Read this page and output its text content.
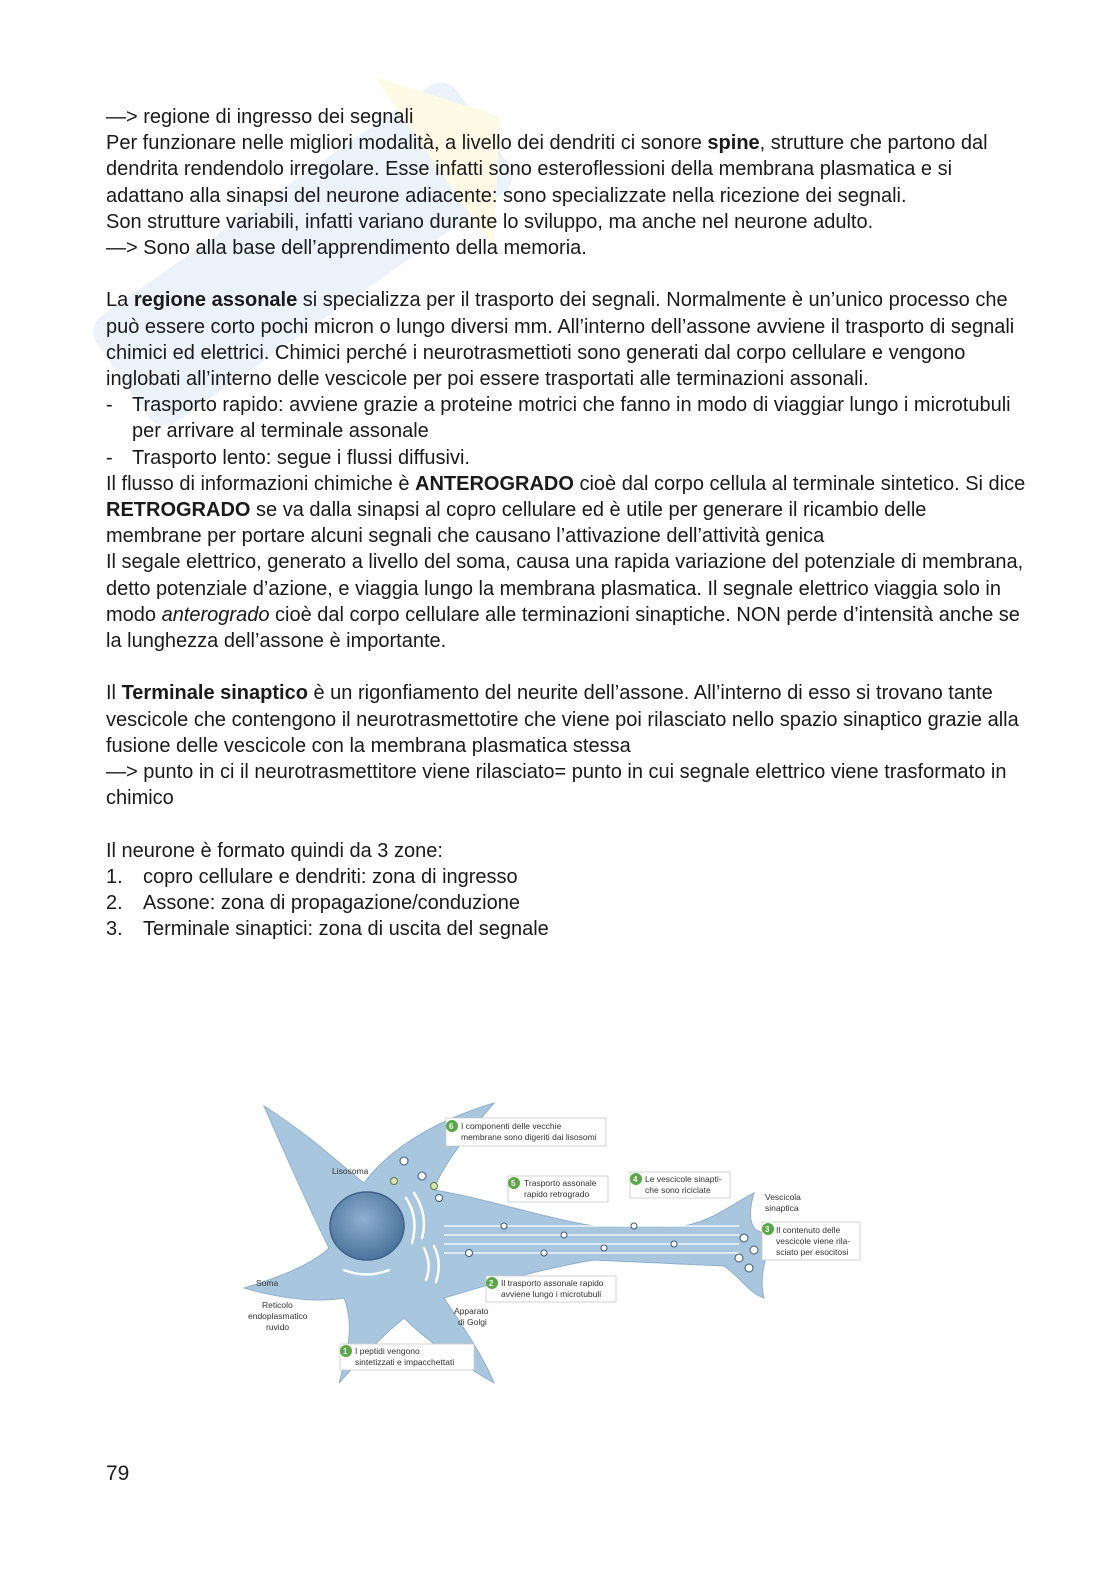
—> regione di ingresso dei segnali

Per funzionare nelle migliori modalità, a livello dei dendriti ci sonore spine, strutture che partono dal dendrita rendendolo irregolare. Esse infatti sono esteroflessioni della membrana plasmatica e si adattano alla sinapsi del neurone adiacente: sono specializzate nella ricezione dei segnali.

Son strutture variabili, infatti variano durante lo sviluppo, ma anche nel neurone adulto.

—> Sono alla base dell’apprendimento della memoria.

La regione assonale si specializza per il trasporto dei segnali. Normalmente è un’unico processo che può essere corto pochi micron o lungo diversi mm. All’interno dell’assone avviene il trasporto di segnali chimici ed elettrici. Chimici perché i neurotrasmettioti sono generati dal corpo cellulare e vengono inglobati all’interno delle vescicole per poi essere trasportati alle terminazioni assonali.

- Trasporto rapido: avviene grazie a proteine motrici che fanno in modo di viaggiar lungo i microtubuli per arrivare al terminale assonale
- Trasporto lento: segue i flussi diffusivi.

Il flusso di informazioni chimiche è ANTEROGRADO cioè dal corpo cellula al terminale sintetico. Si dice RETROGRADO se va dalla sinapsi al copro cellulare ed è utile per generare il ricambio delle membrane per portare alcuni segnali che causano l’attivazione dell’attività genica

Il segale elettrico, generato a livello del soma, causa una rapida variazione del potenziale di membrana, detto potenziale d’azione, e viaggia lungo la membrana plasmatica. Il segnale elettrico viaggia solo in modo anterogrado cioè dal corpo cellulare alle terminazioni sinaptiche. NON perde d’intensità anche se la lunghezza dell’assone è importante.

Il Terminale sinaptico è un rigonfiamento del neurite dell’assone. All’interno di esso si trovano tante vescicole che contengono il neurotrasmettotire che viene poi rilasciato nello spazio sinaptico grazie alla fusione delle vescicole con la membrana plasmatica stessa

—> punto in ci il neurotrasmettitore viene rilasciato= punto in cui segnale elettrico viene trasformato in chimico

Il neurone è formato quindi da 3 zone:

1.	copro cellulare e dendriti: zona di ingresso
2.	Assone: zona di propagazione/conduzione
3.	Terminale sinaptici: zona di uscita del segnale
Lisosoma
Soma
Reticolo
endoplasmatico
ruvido
Apparato
di Golgi
Vescicola
sinaptica
6 I componenti delle vecchie
membrane sono digeriti dai lisosomi
5 Trasporto assonale
rapido retrogrado
4 Le vescicole sinapti-
che sono riciclate
3 Il contenuto delle
vescicole viene rila-
sciato per esocitosi
2 Il trasporto assonale rapido
avviene lungo i microtubuli
1 I peptidi vengono
sintetizzati e impacchettati
79
